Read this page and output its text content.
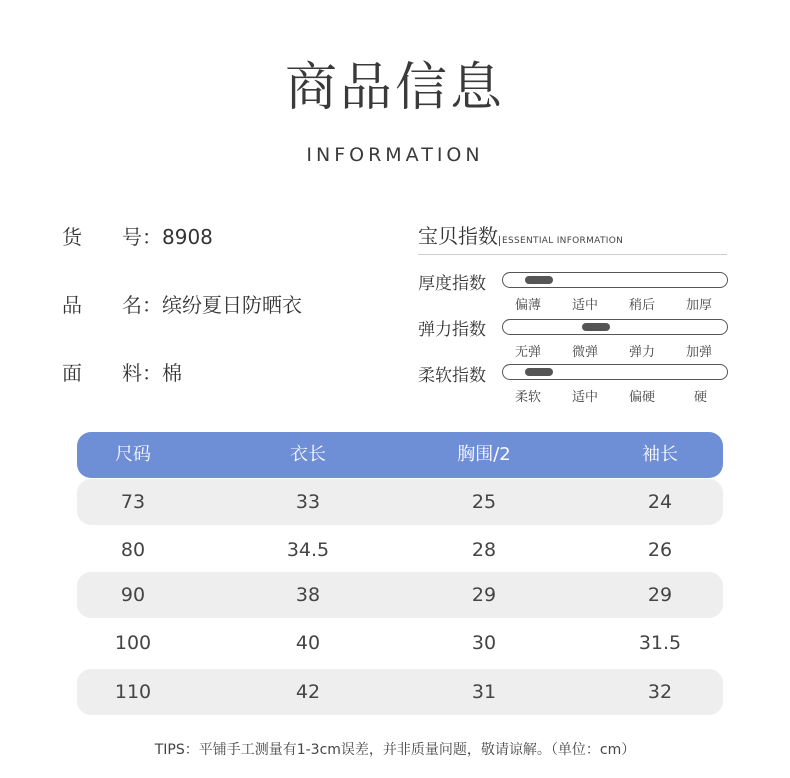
商品信息
INFORMATION
货 号：8908
品 名：缤纷夏日防晒衣
面 料：棉
宝贝指数 ESSENTIAL INFORMATION
厚度指数
偏薄 适中 稍后 加厚
弹力指数
无弹 微弹 弹力 加弹
柔软指数
柔软 适中 偏硬	硬
尺码	衣长	胸围/2	袖长
73	33	25	24
80	34.5	28	26
90	38	29	29
100	40	30	31.5
110	42	31	32
TIPS：平铺手工测量有1-3cm误差，并非质量问题，敬请谅解。（单位：cm）
